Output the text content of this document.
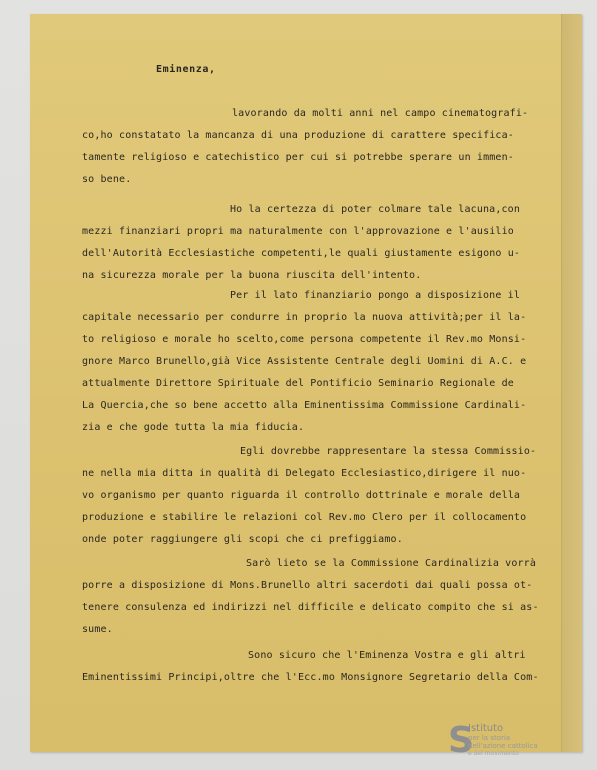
Eminenza,
lavorando da molti anni nel campo cinematografi-
co,ho constatato la mancanza di una produzione di carattere specifica-
tamente religioso e catechistico per cui si potrebbe sperare un immen-
so bene.
Ho la certezza di poter colmare tale lacuna,con
mezzi finanziari propri ma naturalmente con l'approvazione e l'ausilio
dell'Autorità Ecclesiastiche competenti,le quali giustamente esigono u-
na sicurezza morale per la buona riuscita dell'intento.
Per il lato finanziario pongo a disposizione il
capitale necessario per condurre in proprio la nuova attività;per il la-
to religioso e morale ho scelto,come persona competente il Rev.mo Monsi-
gnore Marco Brunello,già Vice Assistente Centrale degli Uomini di A.C. e
attualmente Direttore Spirituale del Pontificio Seminario Regionale de
La Quercia,che so bene accetto alla Eminentissima Commissione Cardinali-
zia e che gode tutta la mia fiducia.
Egli dovrebbe rappresentare la stessa Commissio-
ne nella mia ditta in qualità di Delegato Ecclesiastico,dirigere il nuo-
vo organismo per quanto riguarda il controllo dottrinale e morale della
produzione e stabilire le relazioni col Rev.mo Clero per il collocamento
onde poter raggiungere gli scopi che ci prefiggiamo.
Sarò lieto se la Commissione Cardinalizia vorrà
porre a disposizione di Mons.Brunello altri sacerdoti dai quali possa ot-
tenere consulenza ed indirizzi nel difficile e delicato compito che si as-
sume.
Sono sicuro che l'Eminenza Vostra e gli altri
Eminentissimi Principi,oltre che l'Ecc.mo Monsignore Segretario della Com-
S
Istituto
per la storia
dell'azione cattolica
e del movimento
